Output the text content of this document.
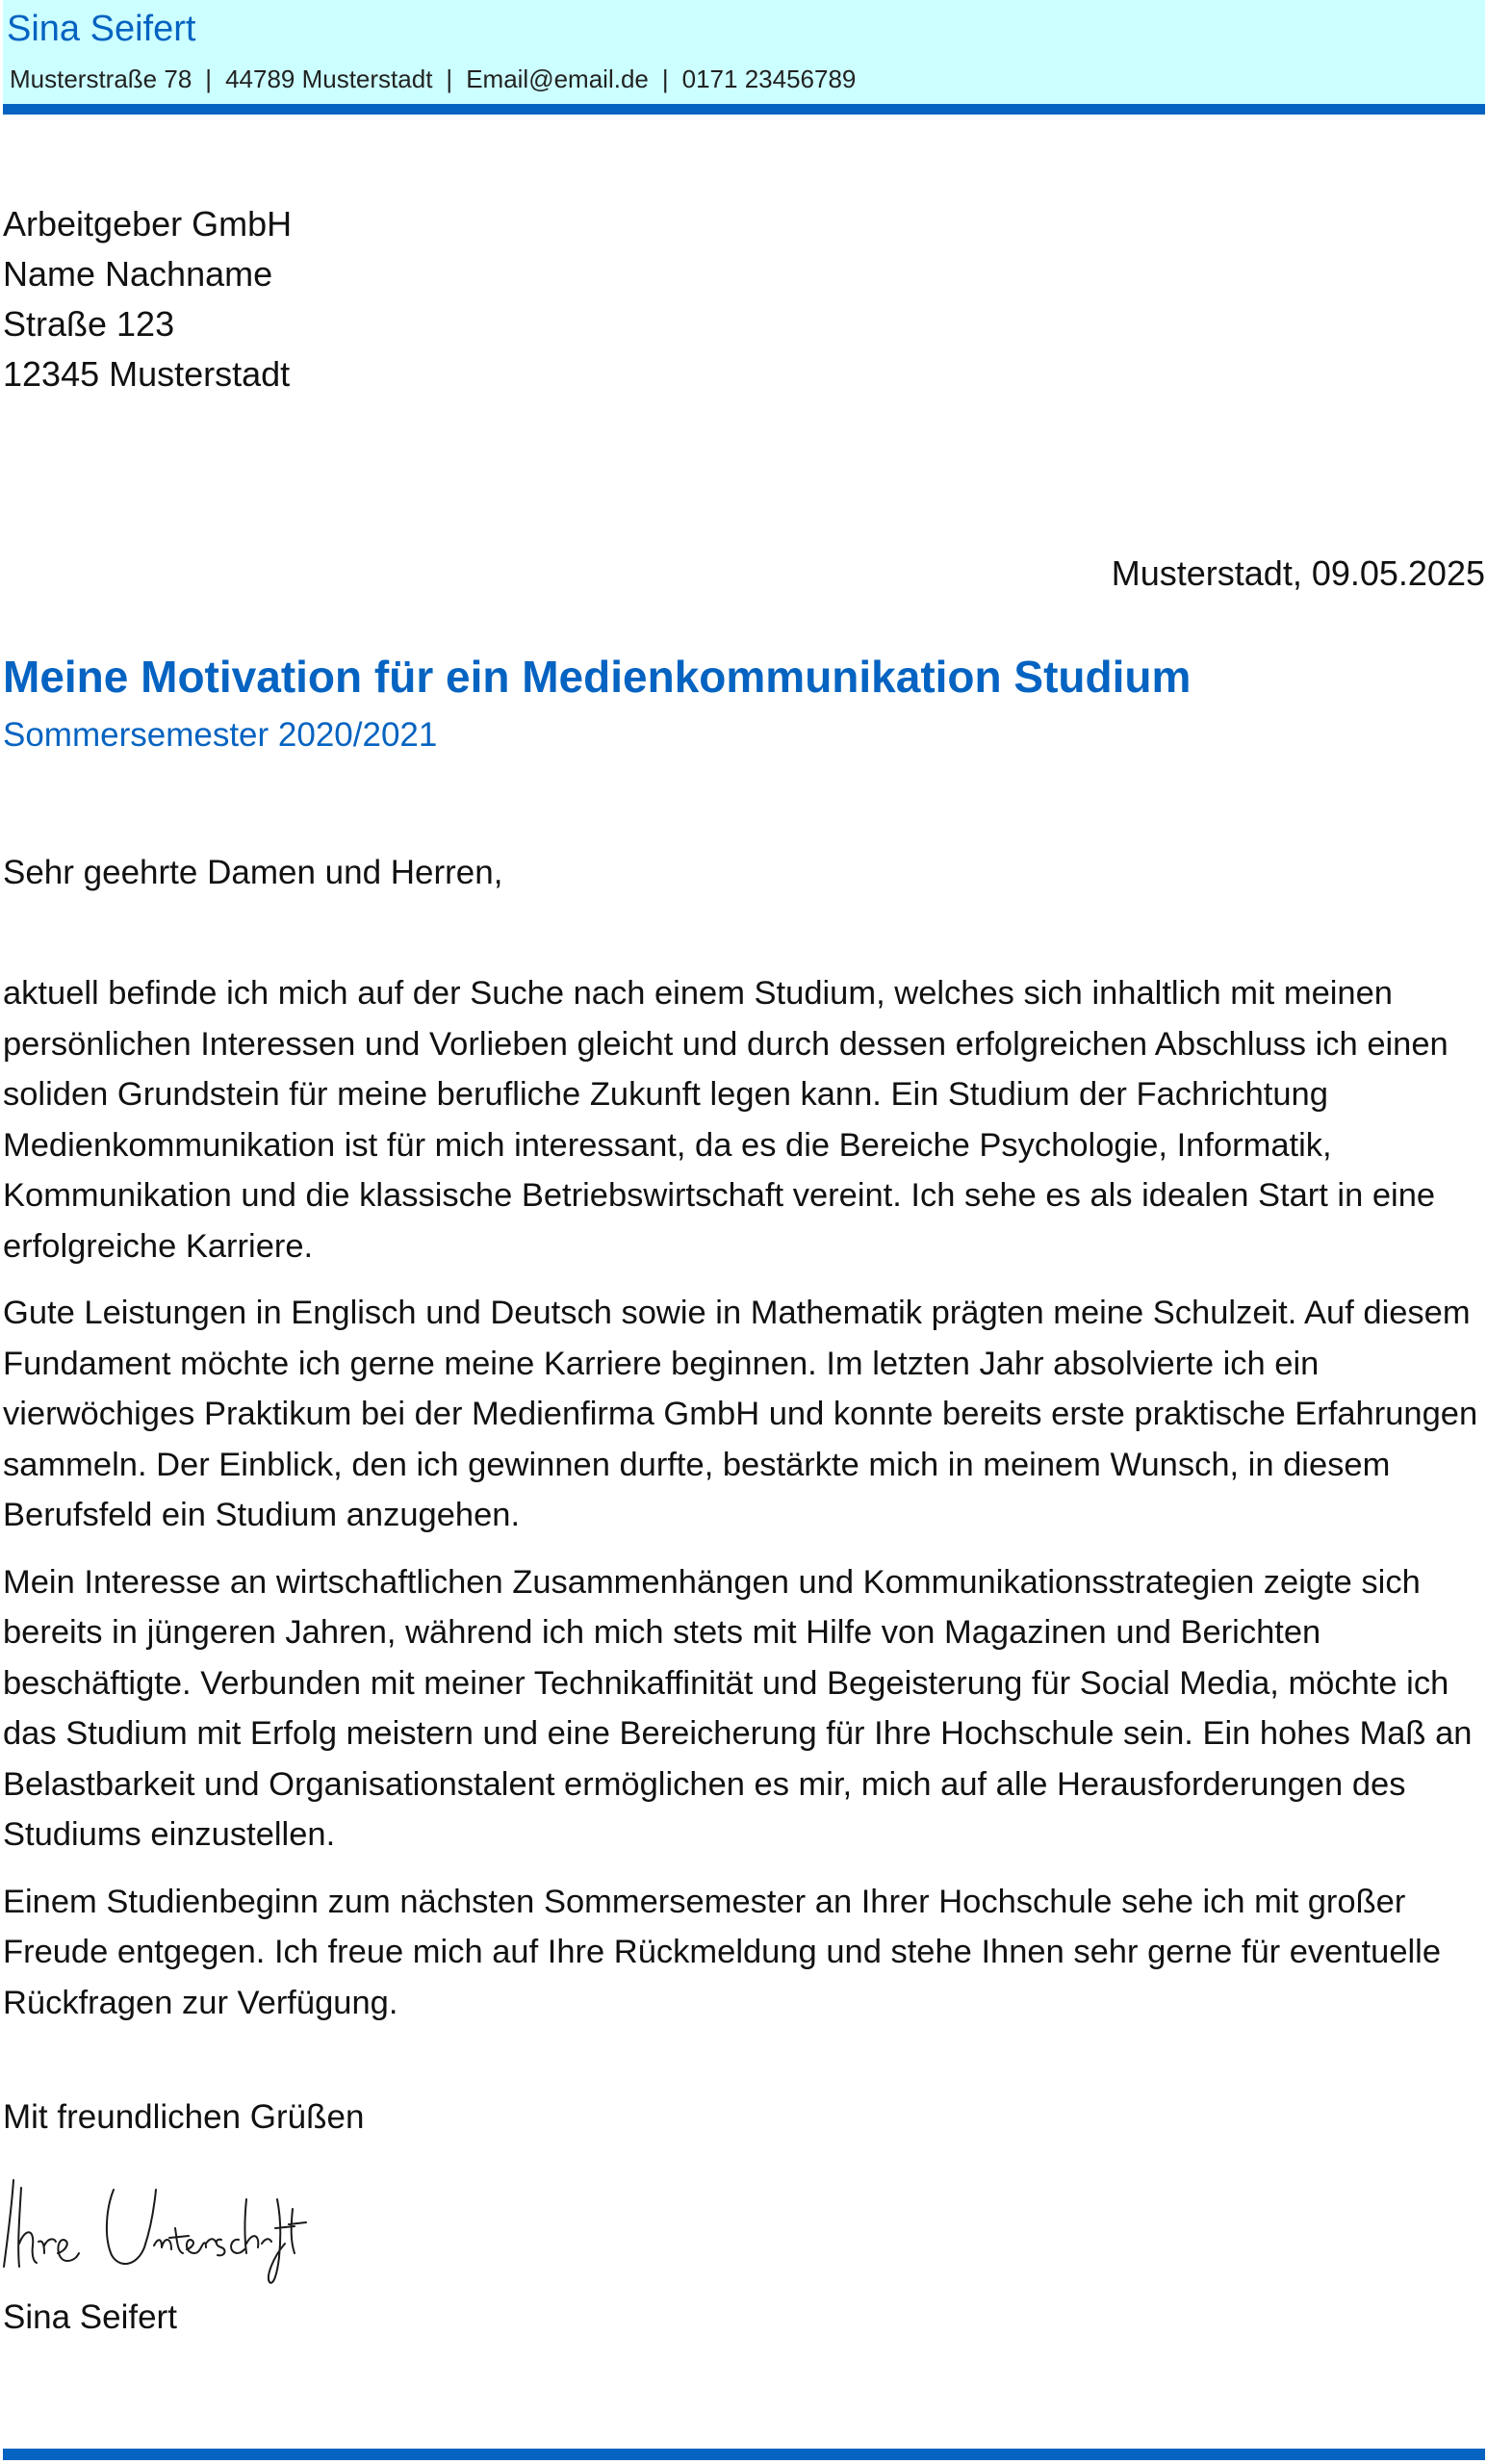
Sina Seifert
Musterstraße 78 | 44789 Musterstadt | Email@email.de | 0171 23456789
Arbeitgeber GmbH
Name Nachname
Straße 123
12345 Musterstadt
Musterstadt, 09.05.2025
Meine Motivation für ein Medienkommunikation Studium
Sommersemester 2020/2021
Sehr geehrte Damen und Herren,

aktuell befinde ich mich auf der Suche nach einem Studium, welches sich inhaltlich mit meinen persönlichen Interessen und Vorlieben gleicht und durch dessen erfolgreichen Abschluss ich einen soliden Grundstein für meine berufliche Zukunft legen kann. Ein Studium der Fachrichtung Medienkommunikation ist für mich interessant, da es die Bereiche Psychologie, Informatik, Kommunikation und die klassische Betriebswirtschaft vereint. Ich sehe es als idealen Start in eine erfolgreiche Karriere.

Gute Leistungen in Englisch und Deutsch sowie in Mathematik prägten meine Schulzeit. Auf diesem Fundament möchte ich gerne meine Karriere beginnen. Im letzten Jahr absolvierte ich ein vierwöchiges Praktikum bei der Medienfirma GmbH und konnte bereits erste praktische Erfahrungen sammeln. Der Einblick, den ich gewinnen durfte, bestärkte mich in meinem Wunsch, in diesem Berufsfeld ein Studium anzugehen.

Mein Interesse an wirtschaftlichen Zusammenhängen und Kommunikationsstrategien zeigte sich bereits in jüngeren Jahren, während ich mich stets mit Hilfe von Magazinen und Berichten beschäftigte. Verbunden mit meiner Technikaffinität und Begeisterung für Social Media, möchte ich das Studium mit Erfolg meistern und eine Bereicherung für Ihre Hochschule sein. Ein hohes Maß an Belastbarkeit und Organisationstalent ermöglichen es mir, mich auf alle Herausforderungen des Studiums einzustellen.

Einem Studienbeginn zum nächsten Sommersemester an Ihrer Hochschule sehe ich mit großer Freude entgegen. Ich freue mich auf Ihre Rückmeldung und stehe Ihnen sehr gerne für eventuelle Rückfragen zur Verfügung.

Mit freundlichen Grüßen
Sina Seifert
